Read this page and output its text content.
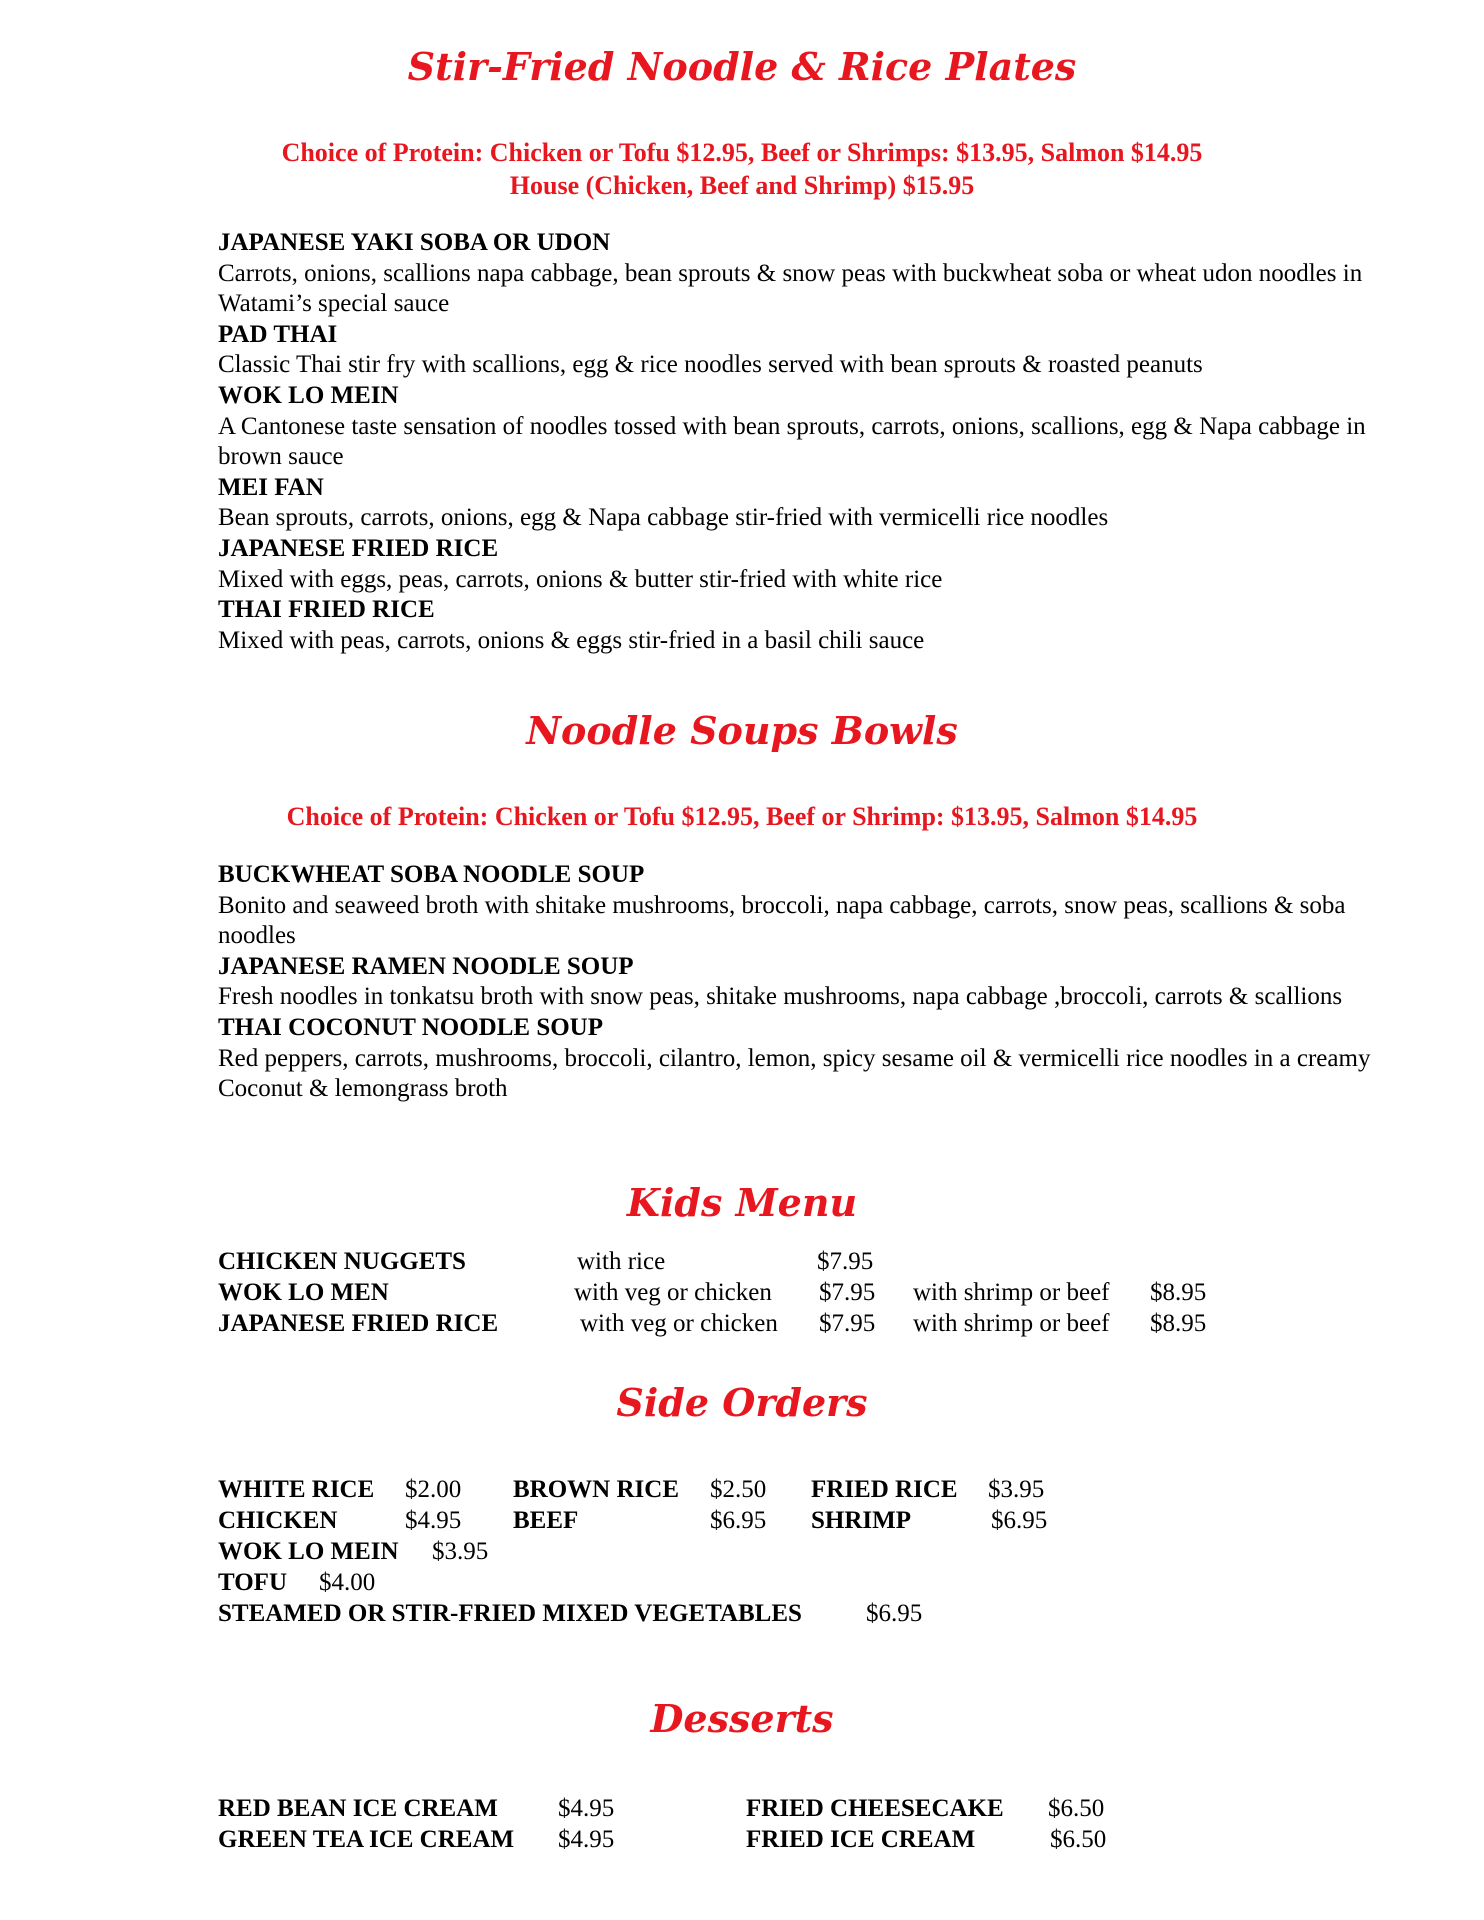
Stir-Fried Noodle & Rice Plates

Choice of Protein: Chicken or Tofu $12.95, Beef or Shrimps: $13.95, Salmon $14.95

House (Chicken, Beef and Shrimp) $15.95

JAPANESE YAKI SOBA OR UDON
Carrots, onions, scallions napa cabbage, bean sprouts & snow peas with buckwheat soba or wheat udon noodles in Watami’s special sauce
PAD THAI
Classic Thai stir fry with scallions, egg & rice noodles served with bean sprouts & roasted peanuts
WOK LO MEIN
A Cantonese taste sensation of noodles tossed with bean sprouts, carrots, onions, scallions, egg & Napa cabbage in brown sauce
MEI FAN
Bean sprouts, carrots, onions, egg & Napa cabbage stir-fried with vermicelli rice noodles
JAPANESE FRIED RICE
Mixed with eggs, peas, carrots, onions & butter stir-fried with white rice
THAI FRIED RICE
Mixed with peas, carrots, onions & eggs stir-fried in a basil chili sauce
Noodle Soups Bowls

Choice of Protein: Chicken or Tofu $12.95, Beef or Shrimp: $13.95, Salmon $14.95

BUCKWHEAT SOBA NOODLE SOUP
Bonito and seaweed broth with shitake mushrooms, broccoli, napa cabbage, carrots, snow peas, scallions & soba noodles
JAPANESE RAMEN NOODLE SOUP
Fresh noodles in tonkatsu broth with snow peas, shitake mushrooms, napa cabbage ,broccoli, carrots & scallions
THAI COCONUT NOODLE SOUP
Red peppers, carrots, mushrooms, broccoli, cilantro, lemon, spicy sesame oil & vermicelli rice noodles in a creamy Coconut & lemongrass broth
Kids Menu
CHICKEN NUGGETS	with rice	$7.95
WOK LO MEN	with veg or chicken $7.95 with shrimp or beef $8.95
JAPANESE FRIED RICE	with veg or chicken $7.95 with shrimp or beef $8.95
Side Orders
WHITE RICE $2.00 BROWN RICE $2.50 FRIED RICE $3.95
CHICKEN	$4.95 BEEF	$6.95 SHRIMP	$6.95
WOK LO MEIN $3.95
TOFU $4.00
STEAMED OR STIR-FRIED MIXED VEGETABLES	$6.95
Desserts
RED BEAN ICE CREAM $4.95	FRIED CHEESECAKE $6.50
GREEN TEA ICE CREAM $4.95	FRIED ICE CREAM	$6.50
